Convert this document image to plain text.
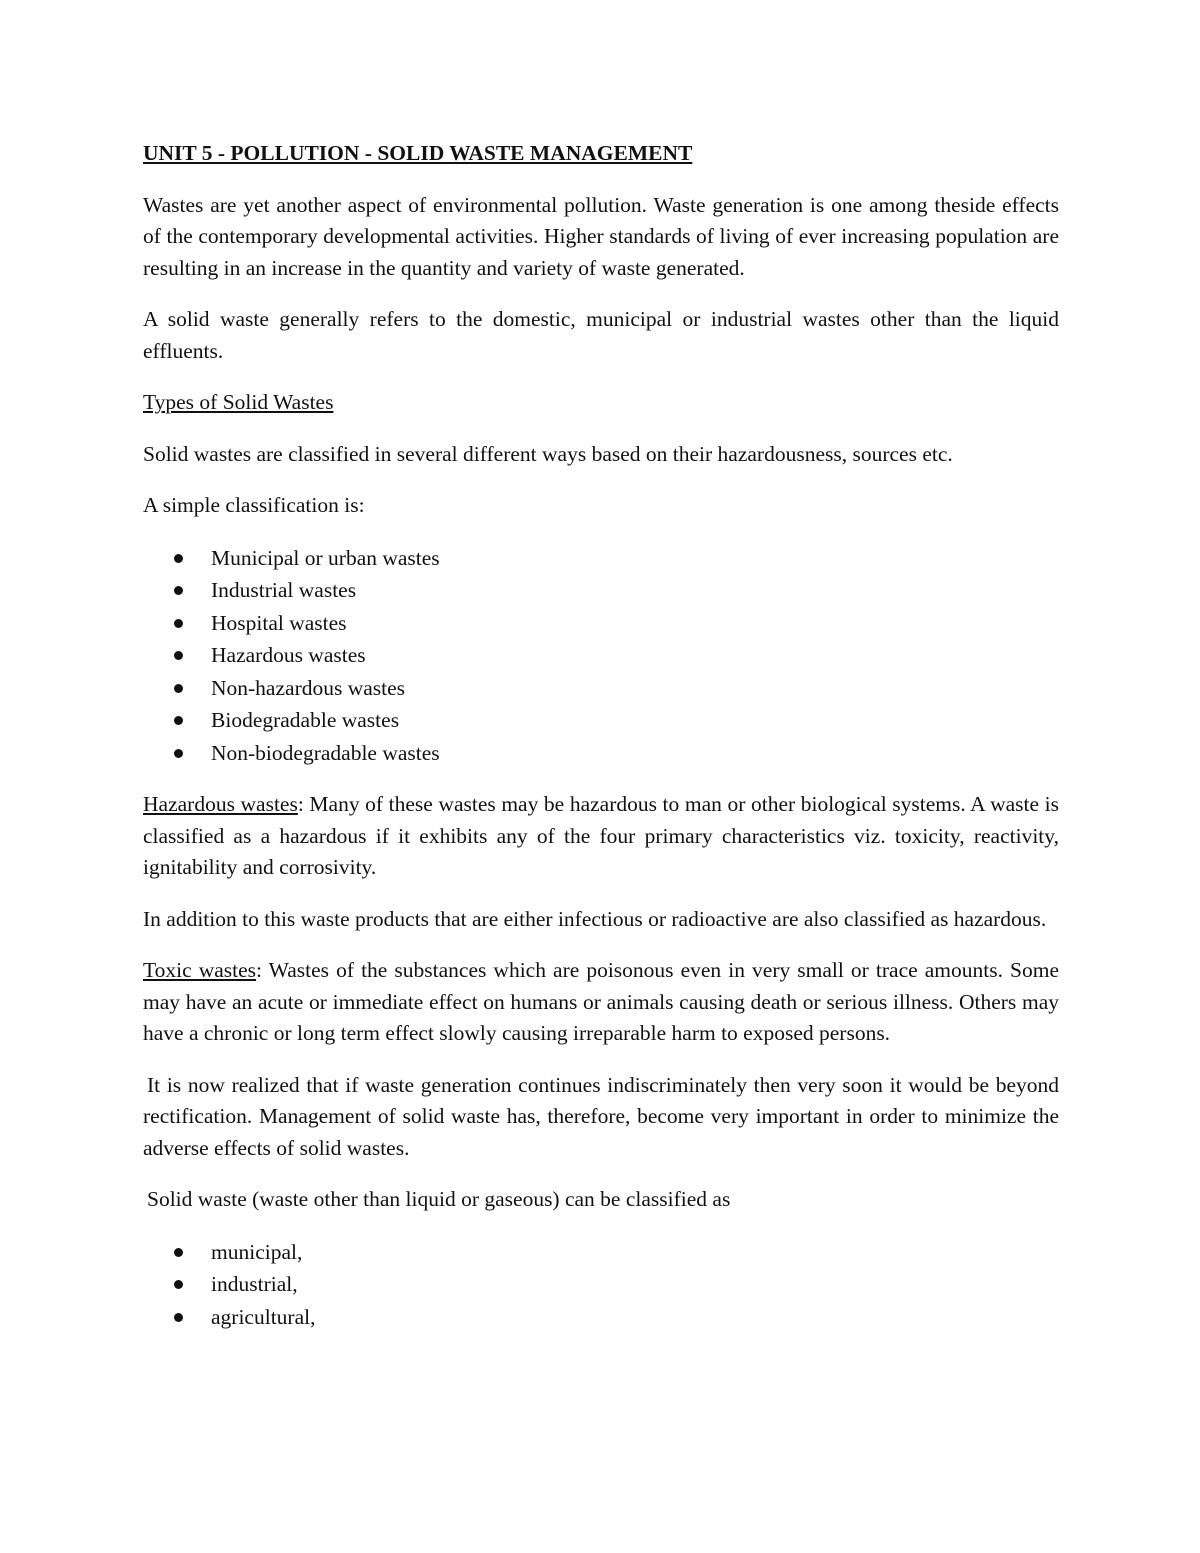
UNIT 5 - POLLUTION - SOLID WASTE MANAGEMENT

Wastes are yet another aspect of environmental pollution. Waste generation is one among theside effects of the contemporary developmental activities. Higher standards of living of ever increasing population are resulting in an increase in the quantity and variety of waste generated.

A solid waste generally refers to the domestic, municipal or industrial wastes other than the liquid effluents.

Types of Solid Wastes

Solid wastes are classified in several different ways based on their hazardousness, sources etc.

A simple classification is:

Municipal or urban wastes
Industrial wastes
Hospital wastes
Hazardous wastes
Non-hazardous wastes
Biodegradable wastes
Non-biodegradable wastes

Hazardous wastes: Many of these wastes may be hazardous to man or other biological systems. A waste is classified as a hazardous if it exhibits any of the four primary characteristics viz. toxicity, reactivity, ignitability and corrosivity.

In addition to this waste products that are either infectious or radioactive are also classified as hazardous.

Toxic wastes: Wastes of the substances which are poisonous even in very small or trace amounts. Some may have an acute or immediate effect on humans or animals causing death or serious illness. Others may have a chronic or long term effect slowly causing irreparable harm to exposed persons.

It is now realized that if waste generation continues indiscriminately then very soon it would be beyond rectification. Management of solid waste has, therefore, become very important in order to minimize the adverse effects of solid wastes.

Solid waste (waste other than liquid or gaseous) can be classified as

municipal,
industrial,
agricultural,
